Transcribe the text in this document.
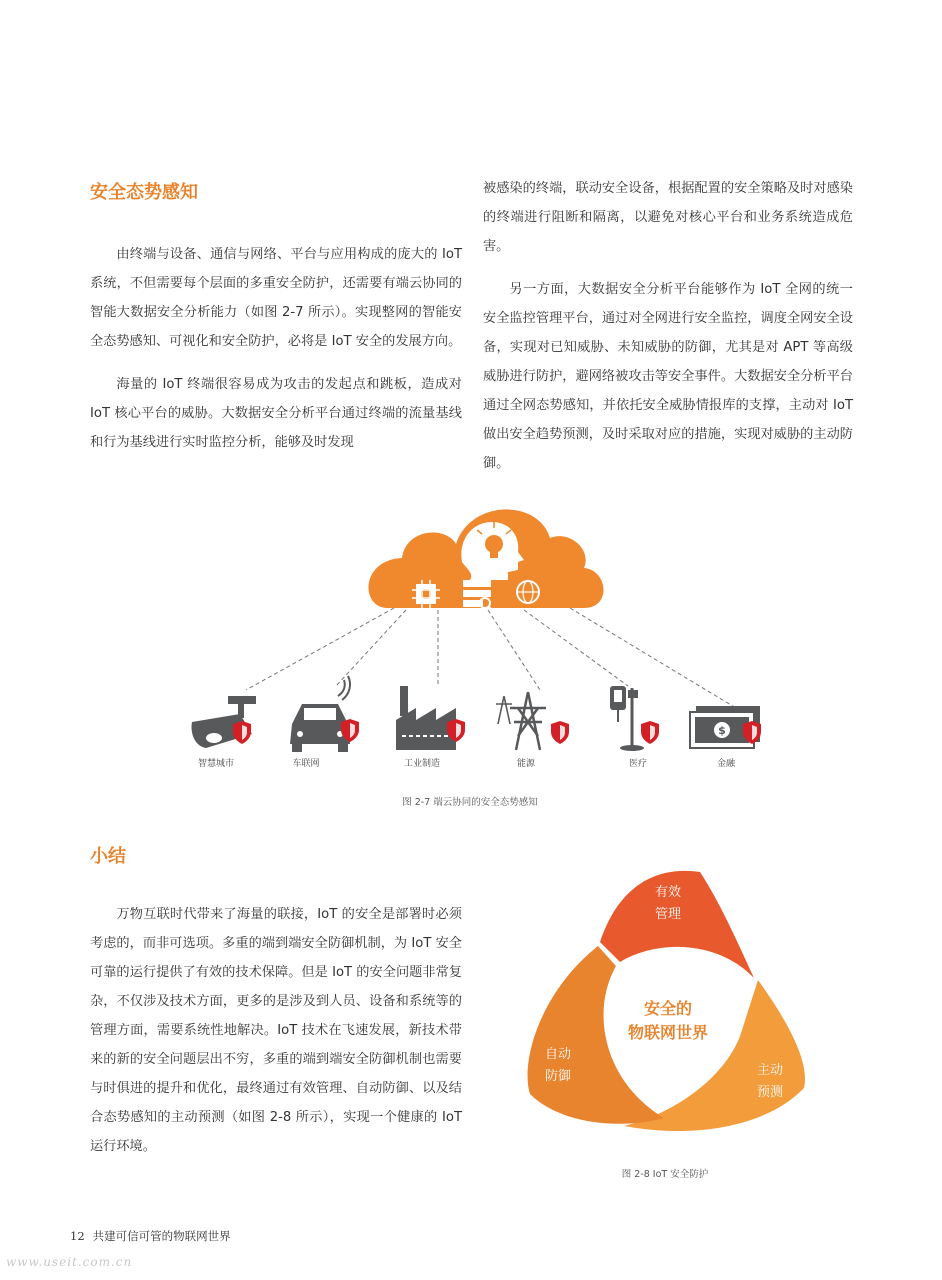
安全态势感知

由终端与设备、通信与网络、平台与应用构成的庞大的 IoT 系统，不但需要每个层面的多重安全防护，还需要有端云协同的智能大数据安全分析能力（如图 2-7 所示）。实现整网的智能安全态势感知、可视化和安全防护，必将是 IoT 安全的发展方向。

海量的 IoT 终端很容易成为攻击的发起点和跳板，造成对 IoT 核心平台的威胁。大数据安全分析平台通过终端的流量基线和行为基线进行实时监控分析，能够及时发现

被感染的终端，联动安全设备，根据配置的安全策略及时对感染的终端进行阻断和隔离，以避免对核心平台和业务系统造成危害。

另一方面，大数据安全分析平台能够作为 IoT 全网的统一安全监控管理平台，通过对全网进行安全监控，调度全网安全设备，实现对已知威胁、未知威胁的防御，尤其是对 APT 等高级威胁进行防护，避网络被攻击等安全事件。大数据安全分析平台通过全网态势感知，并依托安全威胁情报库的支撑，主动对 IoT 做出安全趋势预测，及时采取对应的措施，实现对威胁的主动防御。

$
智慧城市	车联网	工业制造	能源	医疗	金融
图 2-7 端云协同的安全态势感知
小结

万物互联时代带来了海量的联接，IoT 的安全是部署时必须考虑的，而非可选项。多重的端到端安全防御机制，为 IoT 安全可靠的运行提供了有效的技术保障。但是 IoT 的安全问题非常复杂，不仅涉及技术方面，更多的是涉及到人员、设备和系统等的管理方面，需要系统性地解决。IoT 技术在飞速发展，新技术带来的新的安全问题层出不穷，多重的端到端安全防御机制也需要与时俱进的提升和优化，最终通过有效管理、自动防御、以及结合态势感知的主动预测（如图 2-8 所示），实现一个健康的 IoT 运行环境。

有效
管理
自动
防御	主动
预测
安全的
物联网世界
图 2-8 IoT 安全防护
12 共建可信可管的物联网世界
www.useit.com.cn
